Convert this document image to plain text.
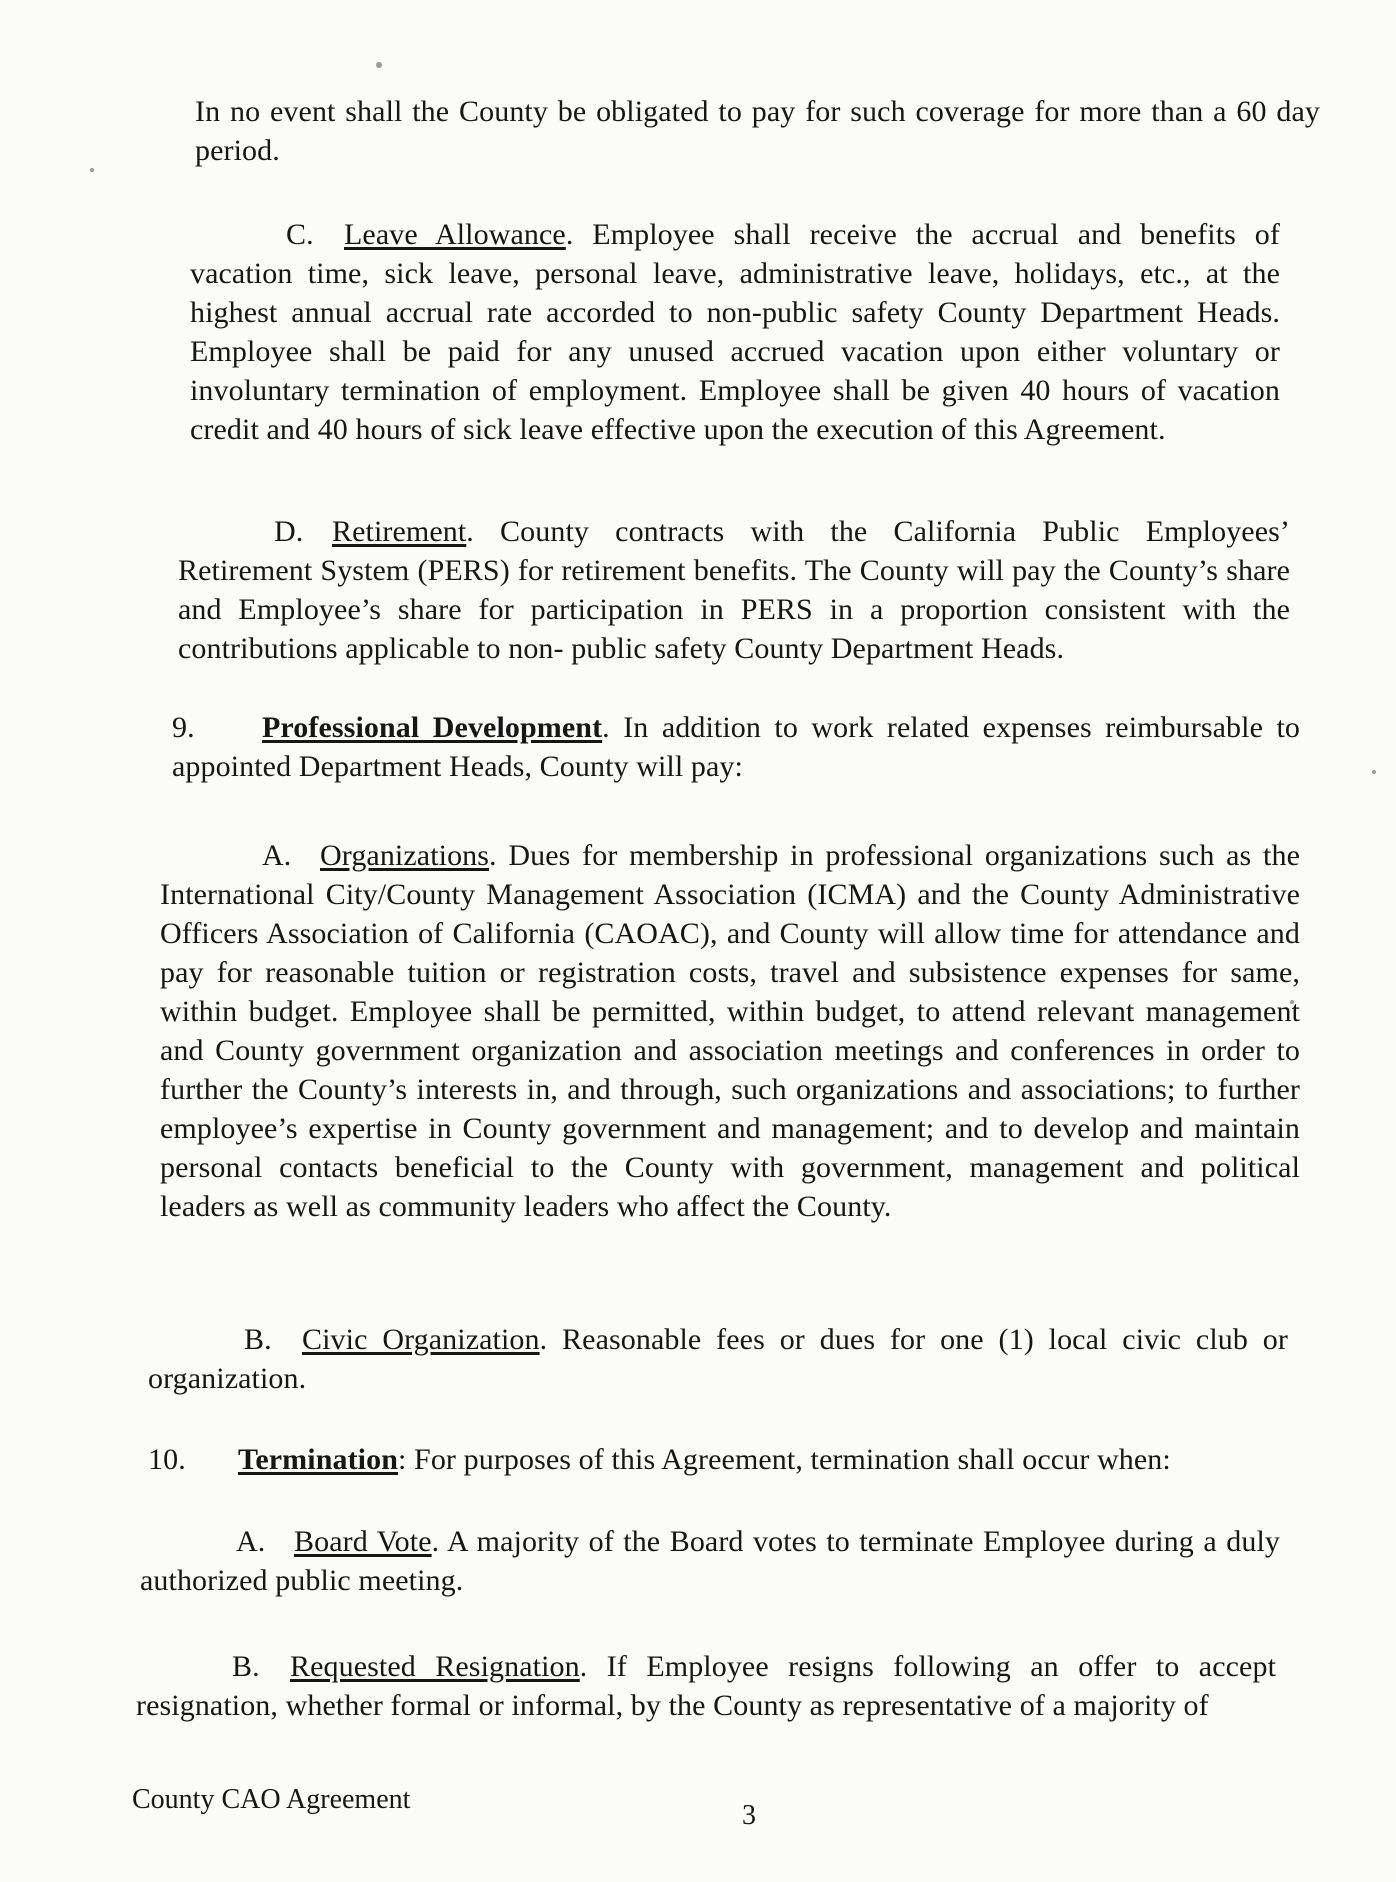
In no event shall the County be obligated to pay for such coverage for more than a 60 day period.
C. Leave Allowance. Employee shall receive the accrual and benefits of vacation time, sick leave, personal leave, administrative leave, holidays, etc., at the highest annual accrual rate accorded to non-public safety County Department Heads. Employee shall be paid for any unused accrued vacation upon either voluntary or involuntary termination of employment. Employee shall be given 40 hours of vacation credit and 40 hours of sick leave effective upon the execution of this Agreement.
D. Retirement. County contracts with the California Public Employees’ Retirement System (PERS) for retirement benefits. The County will pay the County’s share and Employee’s share for participation in PERS in a proportion consistent with the contributions applicable to non- public safety County Department Heads.
9. Professional Development. In addition to work related expenses reimbursable to appointed Department Heads, County will pay:
A. Organizations. Dues for membership in professional organizations such as the International City/County Management Association (ICMA) and the County Administrative Officers Association of California (CAOAC), and County will allow time for attendance and pay for reasonable tuition or registration costs, travel and subsistence expenses for same, within budget. Employee shall be permitted, within budget, to attend relevant management and County government organization and association meetings and conferences in order to further the County’s interests in, and through, such organizations and associations; to further employee’s expertise in County government and management; and to develop and maintain personal contacts beneficial to the County with government, management and political leaders as well as community leaders who affect the County.
B. Civic Organization. Reasonable fees or dues for one (1) local civic club or organization.
10. Termination: For purposes of this Agreement, termination shall occur when:
A. Board Vote. A majority of the Board votes to terminate Employee during a duly authorized public meeting.
B. Requested Resignation. If Employee resigns following an offer to accept resignation, whether formal or informal, by the County as representative of a majority of
County CAO Agreement
3
